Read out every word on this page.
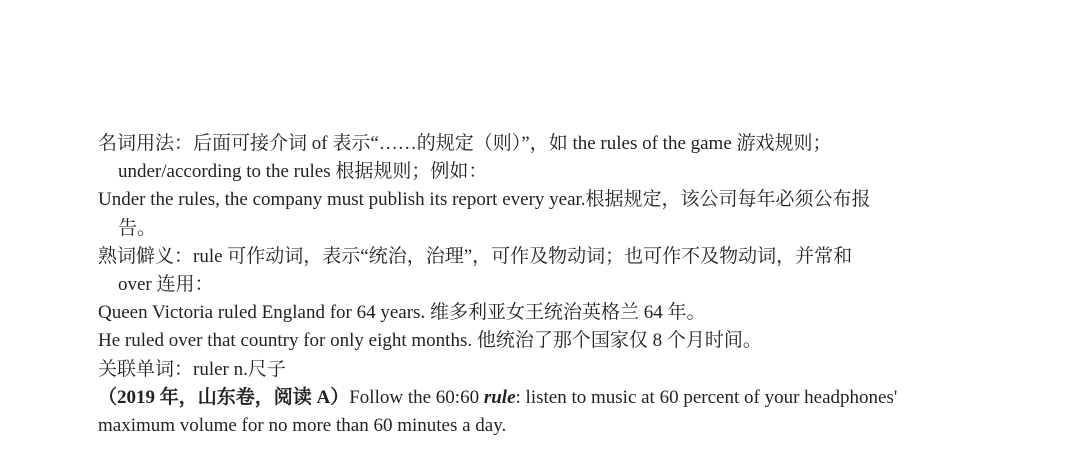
名词用法：后面可接介词 of 表示“……的规定（则）”，如 the rules of the game 游戏规则；
under/according to the rules 根据规则；例如：
Under the rules, the company must publish its report every year.根据规定，该公司每年必须公布报
告。
熟词僻义：rule 可作动词，表示“统治，治理”，可作及物动词；也可作不及物动词，并常和
over 连用：
Queen Victoria ruled England for 64 years. 维多利亚女王统治英格兰 64 年。
He ruled over that country for only eight months. 他统治了那个国家仅 8 个月时间。
关联单词：ruler n.尺子
（2019 年，山东卷，阅读 A）Follow the 60:60 rule: listen to music at 60 percent of your headphones'
maximum volume for no more than 60 minutes a day.
